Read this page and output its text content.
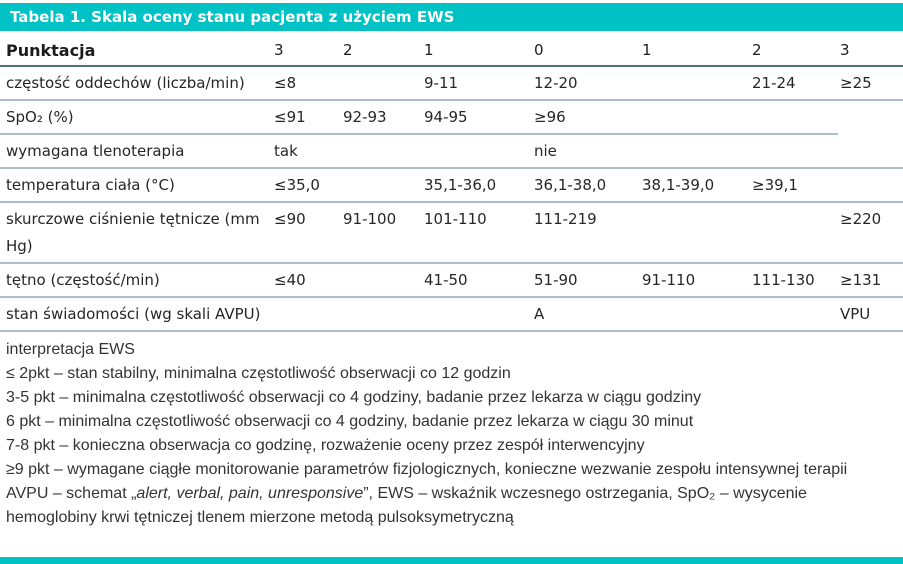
Tabela 1. Skala oceny stanu pacjenta z użyciem EWS
Punktacja	3	2	1	0	1	2	3
częstość oddechów (liczba/min)	≤8		9-11	12-20		21-24	≥25
SpO₂ (%)	≤91	92-93	94-95	≥96			
wymagana tlenoterapia	tak			nie			
temperatura ciała (°C)	≤35,0		35,1-36,0	36,1-38,0	38,1-39,0	≥39,1	
skurczowe ciśnienie tętnicze (mm Hg)	≤90	91-100	101-110	111-219			≥220
tętno (częstość/min)	≤40		41-50	51-90	91-110	111-130	≥131
stan świadomości (wg skali AVPU)				A			VPU

interpretacja EWS

≤ 2pkt – stan stabilny, minimalna częstotliwość obserwacji co 12 godzin

3-5 pkt – minimalna częstotliwość obserwacji co 4 godziny, badanie przez lekarza w ciągu godziny

6 pkt – minimalna częstotliwość obserwacji co 4 godziny, badanie przez lekarza w ciągu 30 minut

7-8 pkt – konieczna obserwacja co godzinę, rozważenie oceny przez zespół interwencyjny

≥9 pkt – wymagane ciągłe monitorowanie parametrów fizjologicznych, konieczne wezwanie zespołu intensywnej terapii

AVPU – schemat „alert, verbal, pain, unresponsive”, EWS – wskaźnik wczesnego ostrzegania, SpO₂ – wysycenie hemoglobiny krwi tętniczej tlenem mierzone metodą pulsoksymetryczną
